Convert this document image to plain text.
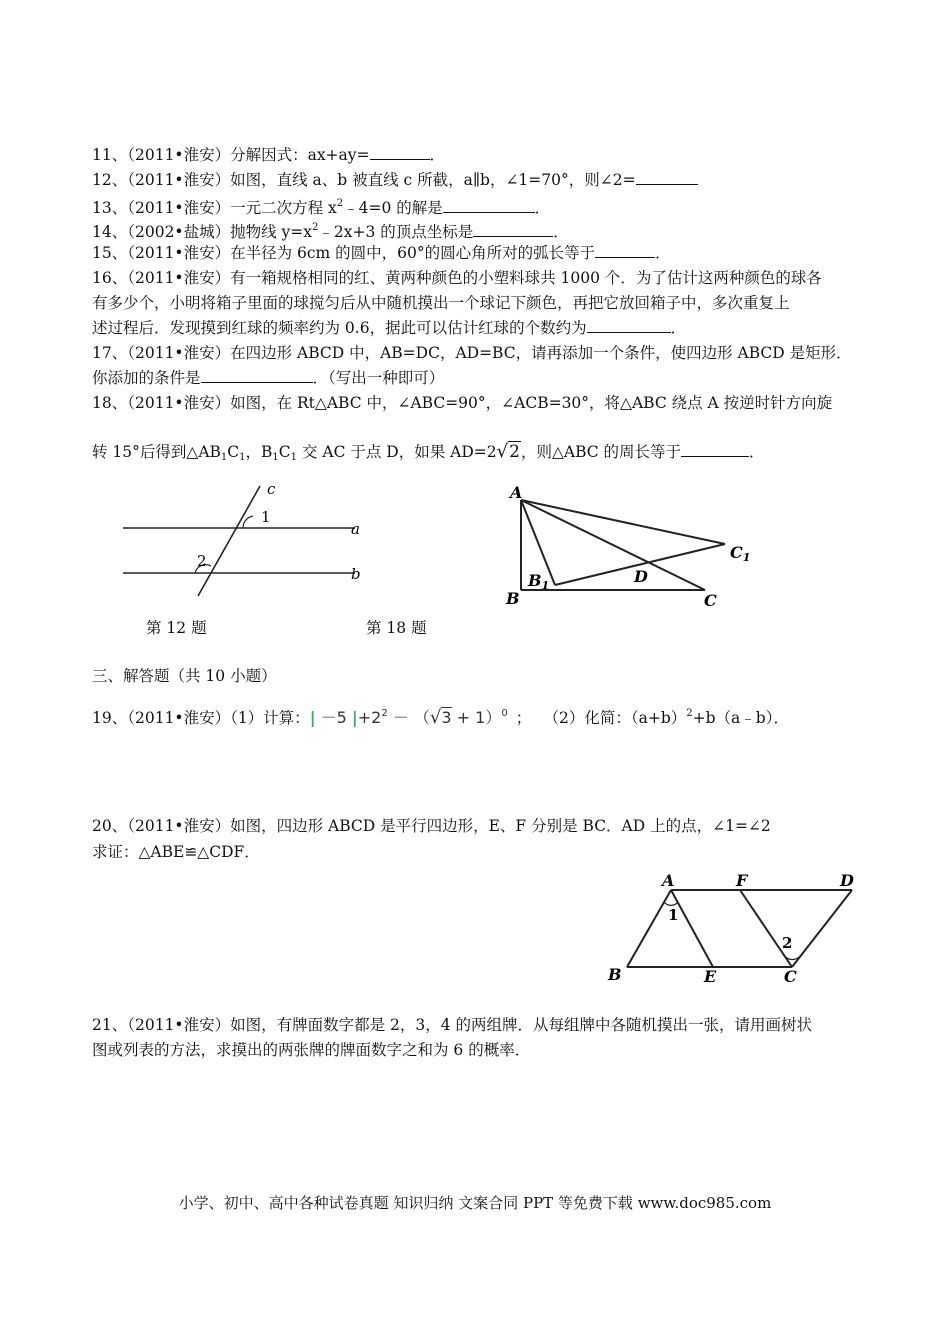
11、（2011•淮安）分解因式：ax+ay=	．
12、（2011•淮安）如图，直线 a、b 被直线 c 所截，a∥b，∠1=70°，则∠2=
13、（2011•淮安）一元二次方程 $x^2﹣4=0$ 的解是	．
14、（2002•盐城）抛物线 $y=x^2﹣2x+3$ 的顶点坐标是	．
15、（2011•淮安）在半径为 6cm 的圆中，60°的圆心角所对的弧长等于	．
16、（2011•淮安）有一箱规格相同的红、黄两种颜色的小塑料球共 1000 个．为了估计这两种颜色的球各
有多少个，小明将箱子里面的球搅匀后从中随机摸出一个球记下颜色，再把它放回箱子中，多次重复上
述过程后．发现摸到红球的频率约为 0.6，据此可以估计红球的个数约为	．
17、（2011•淮安）在四边形 ABCD 中，AB=DC，AD=BC，请再添加一个条件，使四边形 ABCD 是矩形．
你添加的条件是	．（写出一种即可）
18、（2011•淮安）如图，在 Rt△ABC 中，∠ABC=90°，∠ACB=30°，将△ABC 绕点 A 按逆时针方向旋
转 15°后得到$\triangle AB_1C_1$，$B_1C_1$ 交 AC 于点 D，如果 AD=2√2，则△ABC 的周长等于	．
c
1
a
2
b
第 12 题
A
B
B1	D
C
C1
第 18 题
三、解答题（共 10 小题）
19、（2011•淮安）（1）计算：| －5 $|+2^2 - (√3 + 1)^0$ ； （2）化简：$(a+b)^2+b(a﹣b)$．
20、（2011•淮安）如图，四边形 ABCD 是平行四边形，E、F 分别是 BC．AD 上的点，∠1=∠2
求证：△ABE≌△CDF．
A	F	D
1
2
B	E	C
21、（2011•淮安）如图，有牌面数字都是 2，3，4 的两组牌．从每组牌中各随机摸出一张，请用画树状
图或列表的方法，求摸出的两张牌的牌面数字之和为 6 的概率．
小学、初中、高中各种试卷真题 知识归纳 文案合同 PPT 等免费下载 www.doc985.com
